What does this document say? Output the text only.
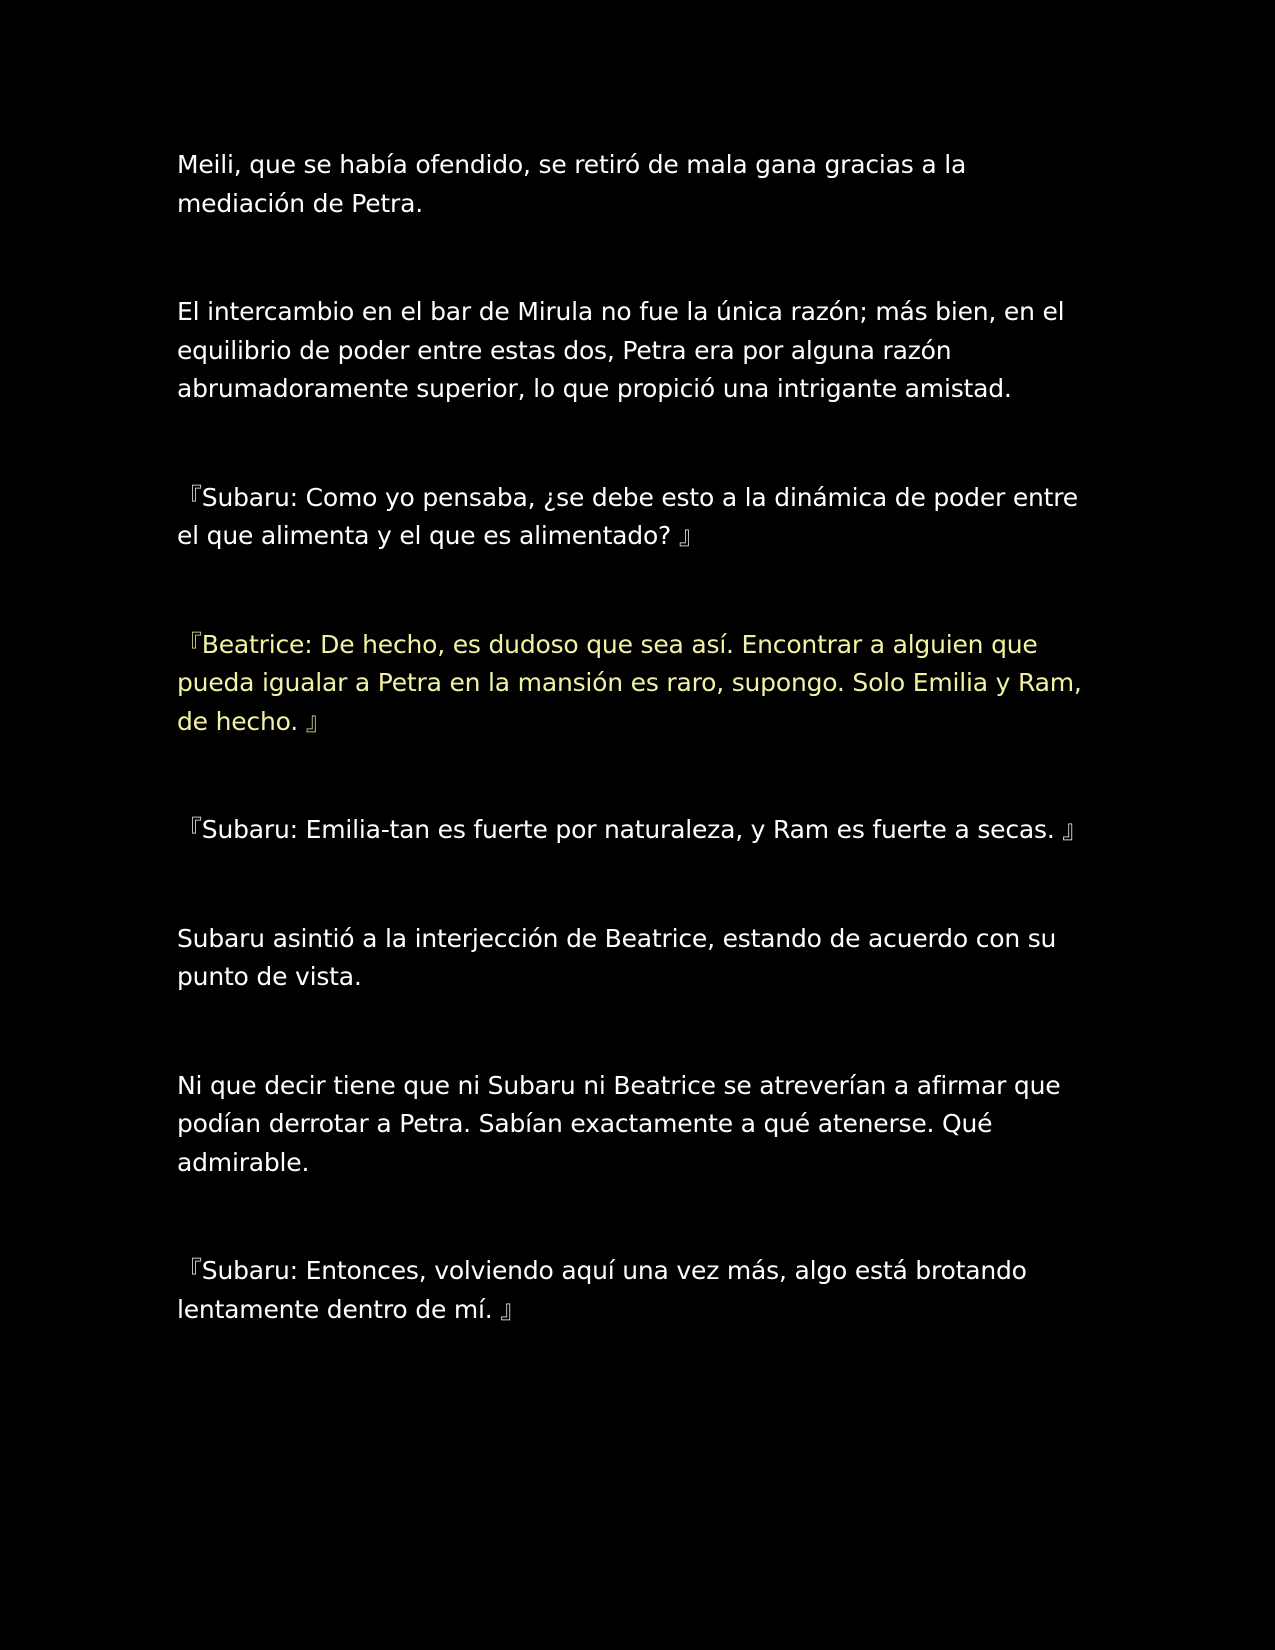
Meili, que se había ofendido, se retiró de mala gana gracias a la mediación de Petra.

El intercambio en el bar de Mirula no fue la única razón; más bien, en el equilibrio de poder entre estas dos, Petra era por alguna razón abrumadoramente superior, lo que propició una intrigante amistad.

『Subaru: Como yo pensaba, ¿se debe esto a la dinámica de poder entre el que alimenta y el que es alimentado? 』

『Beatrice: De hecho, es dudoso que sea así. Encontrar a alguien que pueda igualar a Petra en la mansión es raro, supongo. Solo Emilia y Ram, de hecho. 』

『Subaru: Emilia-tan es fuerte por naturaleza, y Ram es fuerte a secas. 』

Subaru asintió a la interjección de Beatrice, estando de acuerdo con su punto de vista.

Ni que decir tiene que ni Subaru ni Beatrice se atreverían a afirmar que podían derrotar a Petra. Sabían exactamente a qué atenerse. Qué admirable.

『Subaru: Entonces, volviendo aquí una vez más, algo está brotando lentamente dentro de mí. 』
